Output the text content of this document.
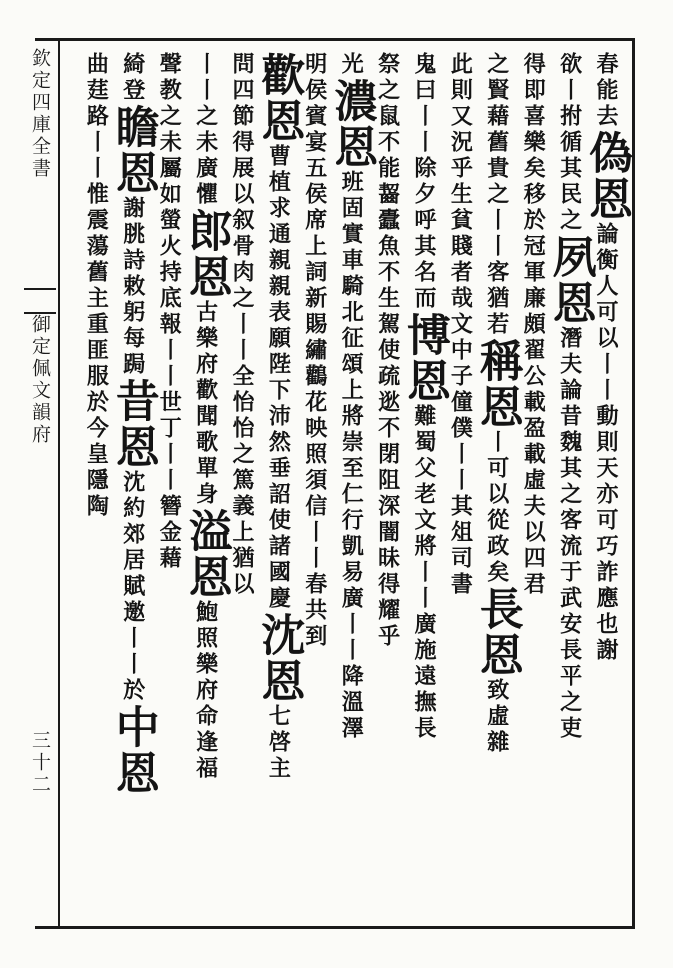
欽定四庫全書
御定佩文韻府
三十二
春能去偽恩論衡人可以丨丨動則天亦可巧詐應也謝
欲丨拊循其民之夙恩潛夫論昔魏其之客流于武安長平之吏
得即喜樂矣移於冠軍廉頗翟公載盈載虛夫以四君
之賢藉舊貴之丨丨客猶若稱恩丨可以從政矣長恩致虛雜
此則又況乎生貧賤者哉文中子僮僕丨丨其俎司書
鬼曰丨丨除夕呼其名而博恩難蜀父老文將丨丨廣施遠撫長
祭之鼠不能齧蠹魚不生駕使疏逖不閉阻深闇昧得耀乎
光濃恩班固實車騎北征頌上將崇至仁行凱易廣丨丨降溫澤
明侯賓宴五侯席上詞新賜繡鸛花映照須信丨丨春共到
歡恩曹植求通親親表願陛下沛然垂詔使諸國慶沈恩七啓主
問四節得展以叙骨肉之丨丨全怡怡之篤義上猶以
丨丨之未廣懼郎恩古樂府歡聞歌單身溢恩鮑照樂府命逢福
聲教之未屬如螢火持底報丨丨世丁丨丨簪金藉
綺登瞻恩謝朓詩敕躬每跼昔恩沈約郊居賦邀丨丨於中恩
曲莛路丨丨惟震蕩舊主重匪服於今皇隱陶
